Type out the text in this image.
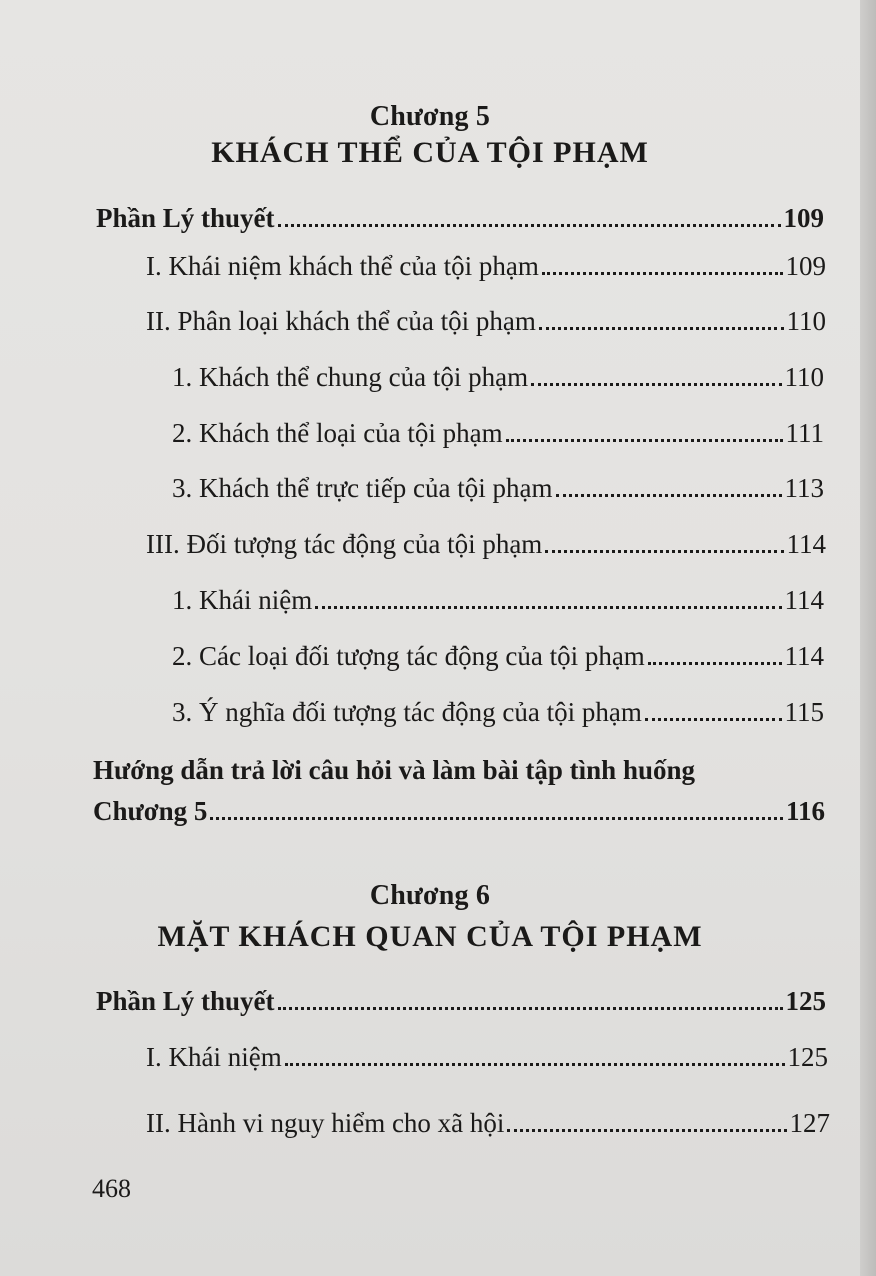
Chương 5
KHÁCH THỂ CỦA TỘI PHẠM
Phần Lý thuyết	109
I. Khái niệm khách thể của tội phạm	109
II. Phân loại khách thể của tội phạm	110
1. Khách thể chung của tội phạm	110
2. Khách thể loại của tội phạm	111
3. Khách thể trực tiếp của tội phạm	113
III. Đối tượng tác động của tội phạm	114
1. Khái niệm	114
2. Các loại đối tượng tác động của tội phạm	114
3. Ý nghĩa đối tượng tác động của tội phạm	115
Hướng dẫn trả lời câu hỏi và làm bài tập tình huống
Chương 5	116
Chương 6
MẶT KHÁCH QUAN CỦA TỘI PHẠM
Phần Lý thuyết	125
I. Khái niệm	125
II. Hành vi nguy hiểm cho xã hội	127
468
